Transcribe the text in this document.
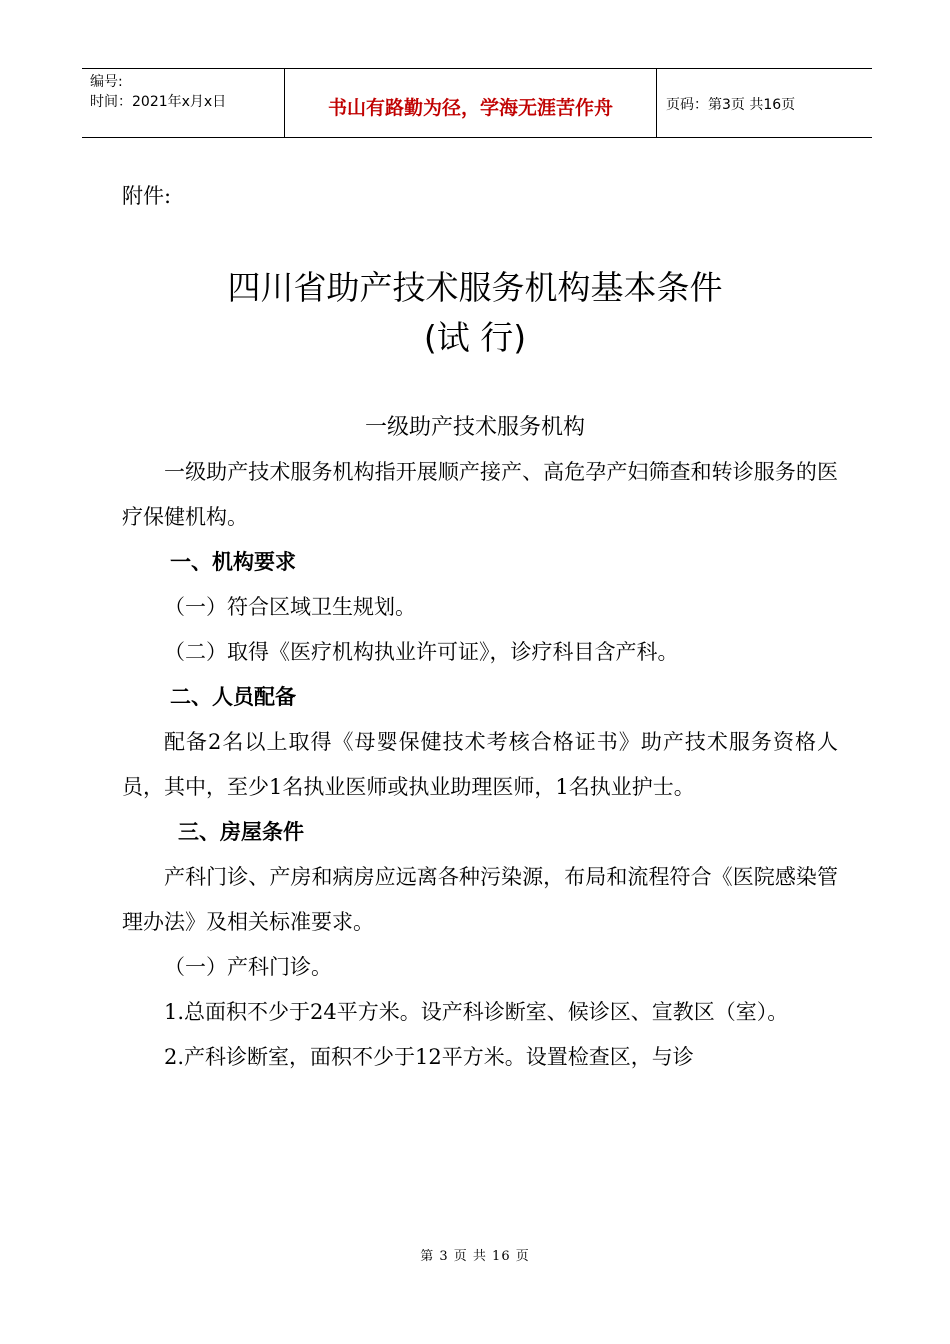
编号:
时间：2021年x月x日	书山有路勤为径，学海无涯苦作舟	页码：第3页 共16页
附件:
四川省助产技术服务机构基本条件
(试 行)
一级助产技术服务机构

一级助产技术服务机构指开展顺产接产、高危孕产妇筛查和转诊服务的医疗保健机构。

一、机构要求

（一）符合区域卫生规划。

（二）取得《医疗机构执业许可证》，诊疗科目含产科。

二、人员配备

配备2名以上取得《母婴保健技术考核合格证书》助产技术服务资格人员，其中，至少1名执业医师或执业助理医师，1名执业护士。

三、房屋条件

产科门诊、产房和病房应远离各种污染源，布局和流程符合《医院感染管理办法》及相关标准要求。

（一）产科门诊。

1.总面积不少于24平方米。设产科诊断室、候诊区、宣教区（室）。

2.产科诊断室，面积不少于12平方米。设置检查区，与诊

第 3 页 共 16 页
